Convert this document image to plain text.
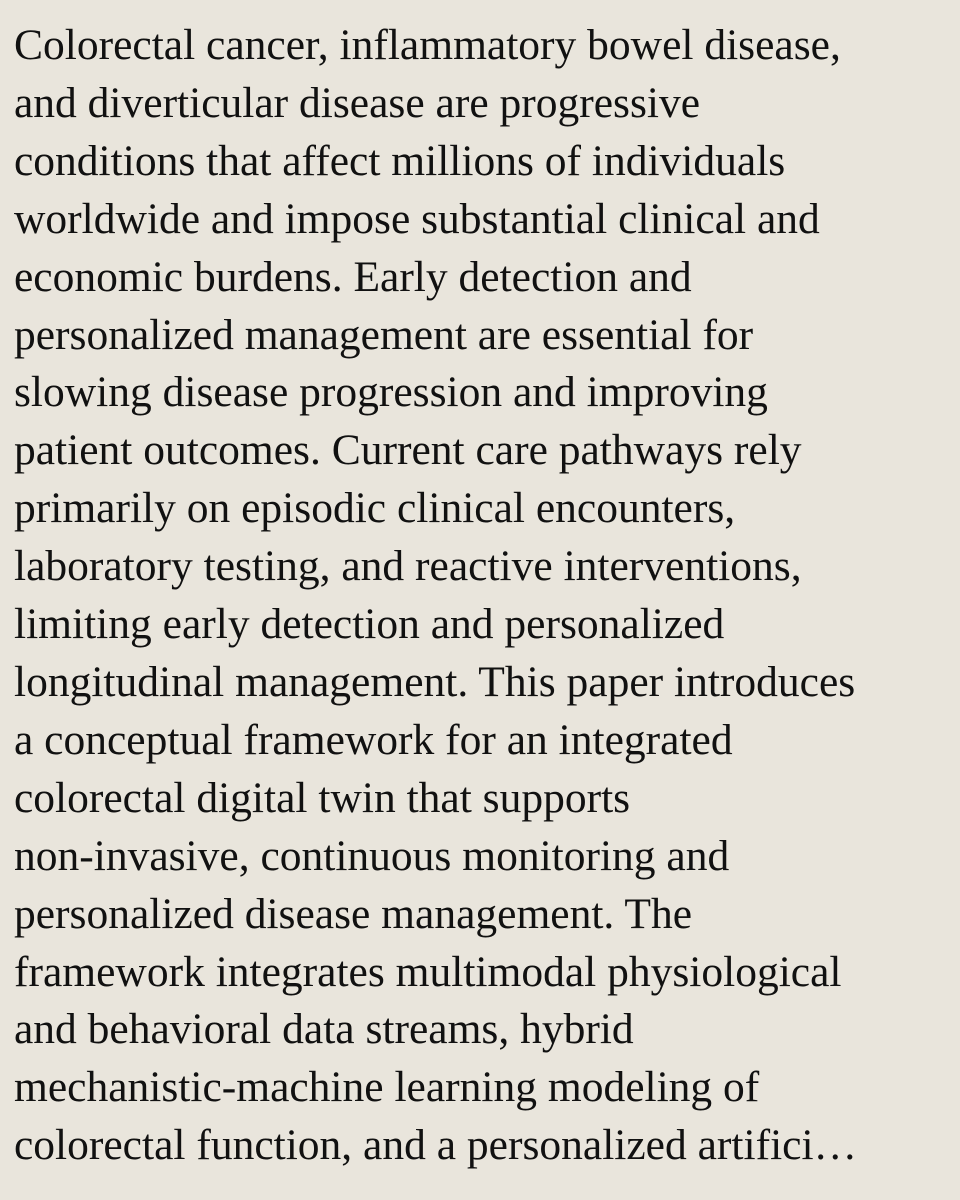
Colorectal cancer, inflammatory bowel disease,
and diverticular disease are progressive
conditions that affect millions of individuals
worldwide and impose substantial clinical and
economic burdens. Early detection and
personalized management are essential for
slowing disease progression and improving
patient outcomes. Current care pathways rely
primarily on episodic clinical encounters,
laboratory testing, and reactive interventions,
limiting early detection and personalized
longitudinal management. This paper introduces
a conceptual framework for an integrated
colorectal digital twin that supports
non-invasive, continuous monitoring and
personalized disease management. The
framework integrates multimodal physiological
and behavioral data streams, hybrid
mechanistic-machine learning modeling of
colorectal function, and a personalized artifici…
